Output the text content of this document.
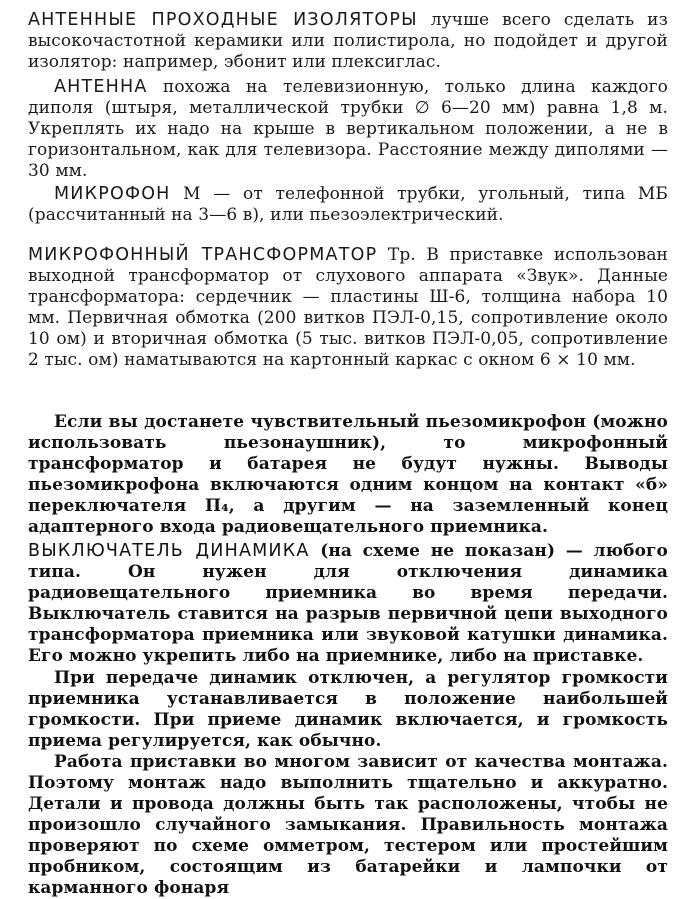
АНТЕННЫЕ ПРОХОДНЫЕ ИЗОЛЯТОРЫ лучше всего сделать из высокочастотной керамики или полистирола, но подойдет и другой изолятор: например, эбонит или плексиглас.

АНТЕННА похожа на телевизионную, только длина каждого диполя (штыря, металлической трубки ∅ 6—20 мм) равна 1,8 м. Укреплять их надо на крыше в вертикальном положении, а не в горизонтальном, как для телевизора. Расстояние между диполями — 30 мм.

МИКРОФОН М — от телефонной трубки, угольный, типа МБ (рассчитанный на 3—6 в), или пьезоэлектрический.

МИКРОФОННЫЙ ТРАНСФОРМАТОР Тр. В приставке использован выходной трансформатор от слухового аппарата «Звук». Данные трансформатора: сердечник — пластины Ш-6, толщина набора 10 мм. Первичная обмотка (200 витков ПЭЛ-0,15, сопротивление около 10 ом) и вторичная обмотка (5 тыс. витков ПЭЛ-0,05, сопротивление 2 тыс. ом) наматываются на картонный каркас с окном 6 × 10 мм.

Если вы достанете чувствительный пьезомикрофон (можно использовать пьезонаушник), то микрофонный трансформатор и батарея не будут нужны. Выводы пьезомикрофона включаются одним концом на контакт «б» переключателя П₄, а другим — на заземленный конец адаптерного входа радиовещательного приемника.

ВЫКЛЮЧАТЕЛЬ ДИНАМИКА (на схеме не показан) — любого типа. Он нужен для отключения динамика радиовещательного приемника во время передачи. Выключатель ставится на разрыв первичной цепи выходного трансформатора приемника или звуковой катушки динамика. Его можно укрепить либо на приемнике, либо на приставке.

При передаче динамик отключен, а регулятор громкости приемника устанавливается в положение наибольшей громкости. При приеме динамик включается, и громкость приема регулируется, как обычно.

Работа приставки во многом зависит от качества монтажа. Поэтому монтаж надо выполнить тщательно и аккуратно. Детали и провода должны быть так расположены, чтобы не произошло случайного замыкания. Правильность монтажа проверяют по схеме омметром, тестером или простейшим пробником, состоящим из батарейки и лампочки от карманного фонаря
